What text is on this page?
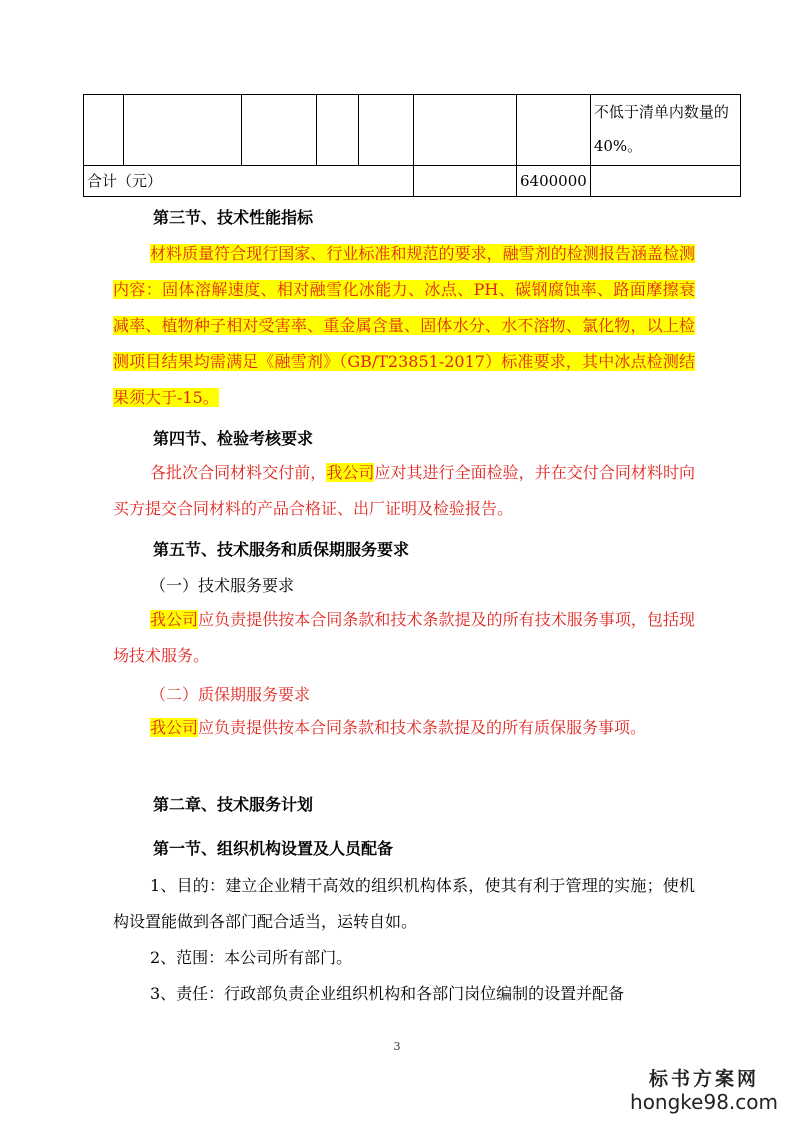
							不低于清单内数量的40%。
合计（元）						6400000	

第三节、技术性能指标

材料质量符合现行国家、行业标准和规范的要求，融雪剂的检测报告涵盖检测内容：固体溶解速度、相对融雪化冰能力、冰点、PH、碳钢腐蚀率、路面摩擦衰减率、植物种子相对受害率、重金属含量、固体水分、水不溶物、氯化物，以上检测项目结果均需满足《融雪剂》（GB/T23851-2017）标准要求，其中冰点检测结果须大于-15。

第四节、检验考核要求

各批次合同材料交付前，我公司应对其进行全面检验，并在交付合同材料时向买方提交合同材料的产品合格证、出厂证明及检验报告。

第五节、技术服务和质保期服务要求

（一）技术服务要求

我公司应负责提供按本合同条款和技术条款提及的所有技术服务事项，包括现场技术服务。

（二）质保期服务要求

我公司应负责提供按本合同条款和技术条款提及的所有质保服务事项。

第二章、技术服务计划

第一节、组织机构设置及人员配备

1、目的：建立企业精干高效的组织机构体系，使其有利于管理的实施；使机构设置能做到各部门配合适当，运转自如。

2、范围：本公司所有部门。

3、责任：行政部负责企业组织机构和各部门岗位编制的设置并配备

3
标书方案网
hongke98.com
